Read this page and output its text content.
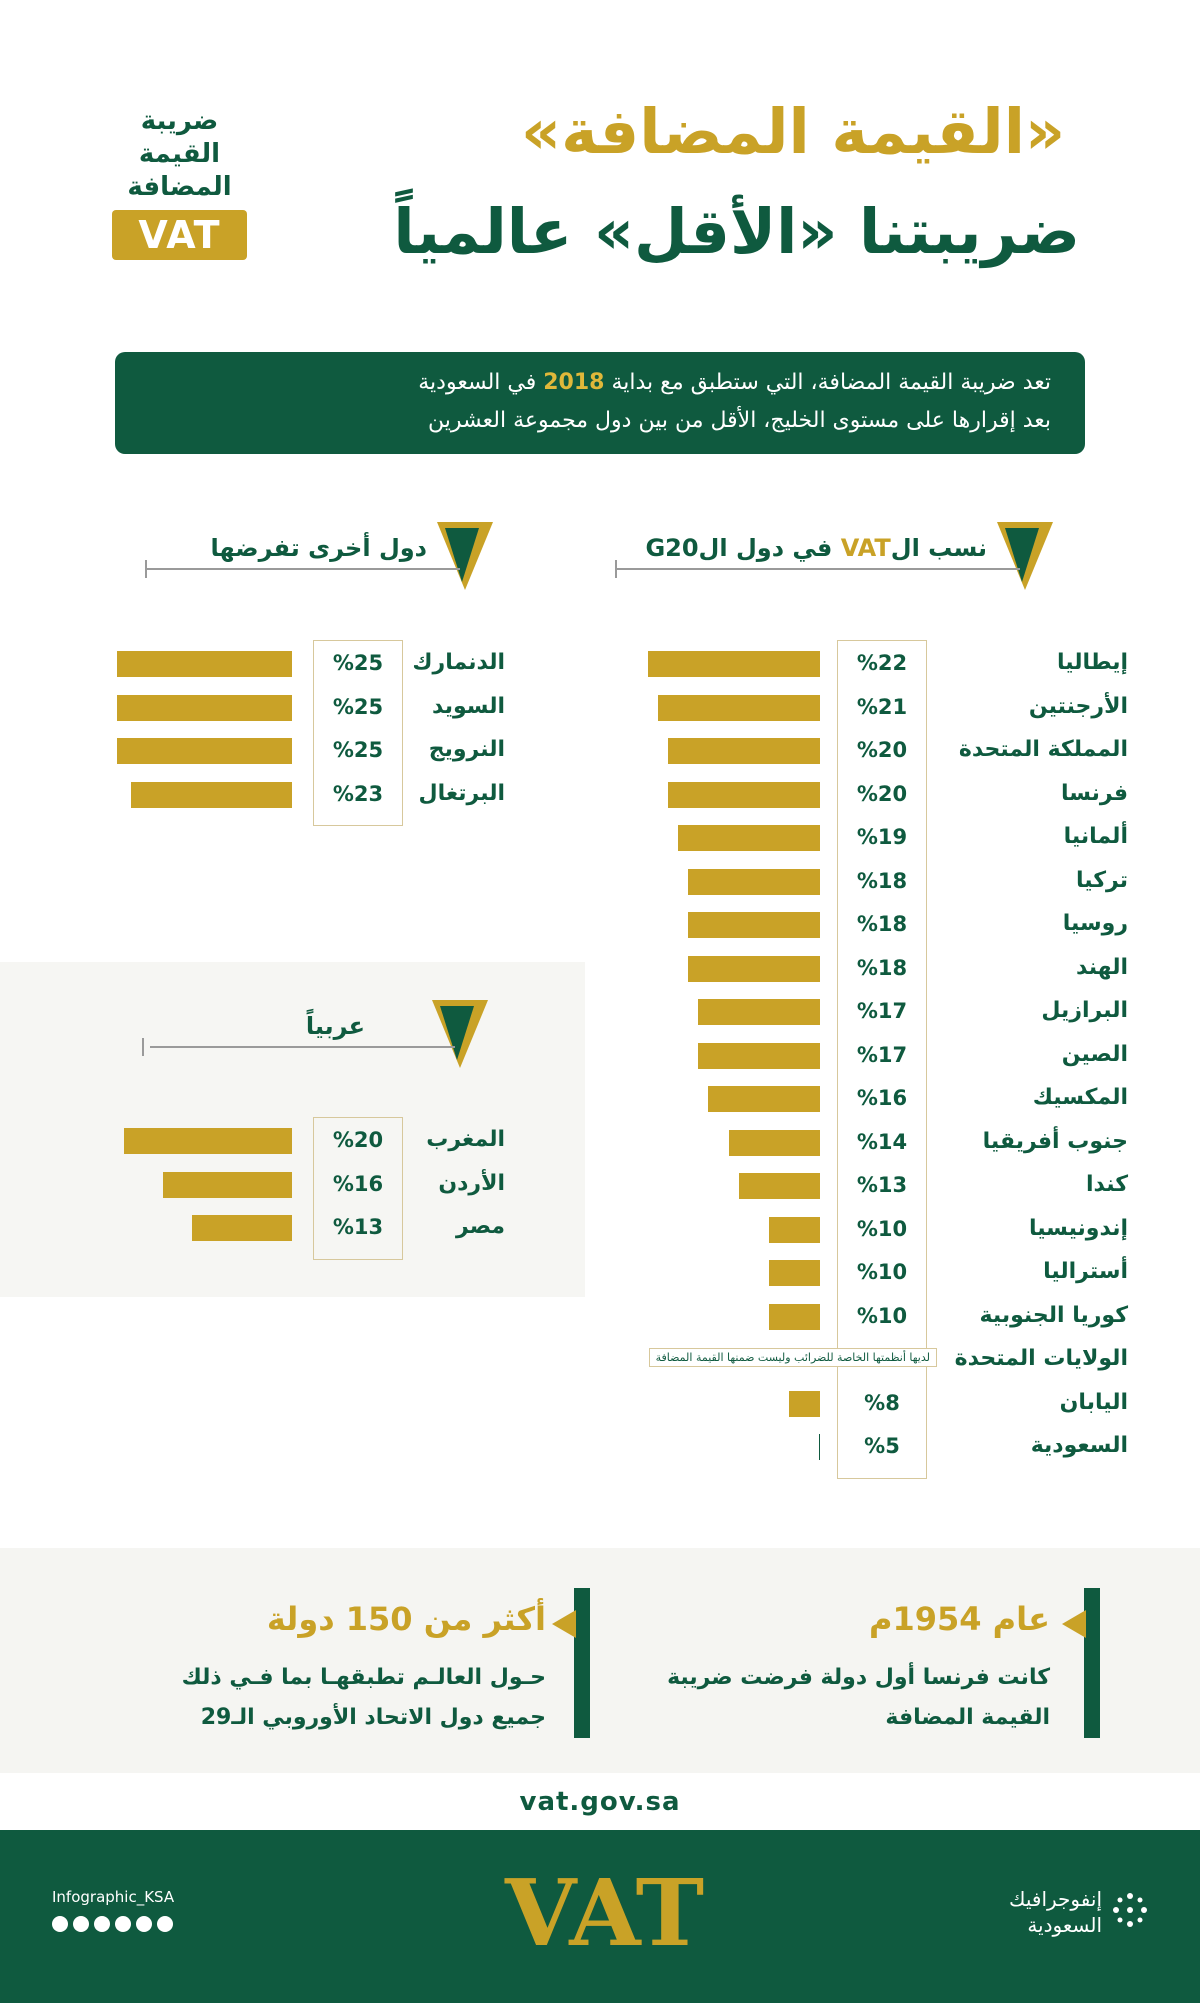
ضريبة
القيمة
المضافة
VAT
«القيمة المضافة»
ضريبتنا «الأقل» عالمياً
تعد ضريبة القيمة المضافة، التي ستطبق مع بداية 2018 في السعودية
بعد إقرارها على مستوى الخليج، الأقل من بين دول مجموعة العشرين
نسب الVAT في دول الG20
دول أخرى تفرضها
عربياً
إيطاليا
%22
الأرجنتين
%21
المملكة المتحدة
%20
فرنسا
%20
ألمانيا
%19
تركيا
%18
روسيا
%18
الهند
%18
البرازيل
%17
الصين
%17
المكسيك
%16
جنوب أفريقيا
%14
كندا
%13
إندونيسيا
%10
أستراليا
%10
كوريا الجنوبية
%10
الولايات المتحدة
لديها أنظمتها الخاصة للضرائب وليست ضمنها القيمة المضافة
اليابان
%8
السعودية
%5
الدنمارك
%25
السويد
%25
النرويج
%25
البرتغال
%23
المغرب
%20
الأردن
%16
مصر
%13
عام 1954م
كانت فرنسا أول دولة فرضت ضريبة
القيمة المضافة
أكثر من 150 دولة
حـول العالـم تطبقهـا بما فـي ذلك
جميع دول الاتحاد الأوروبي الـ29
vat.gov.sa
Infographic_KSA	VAT	إنفوجرافيك
السعودية
